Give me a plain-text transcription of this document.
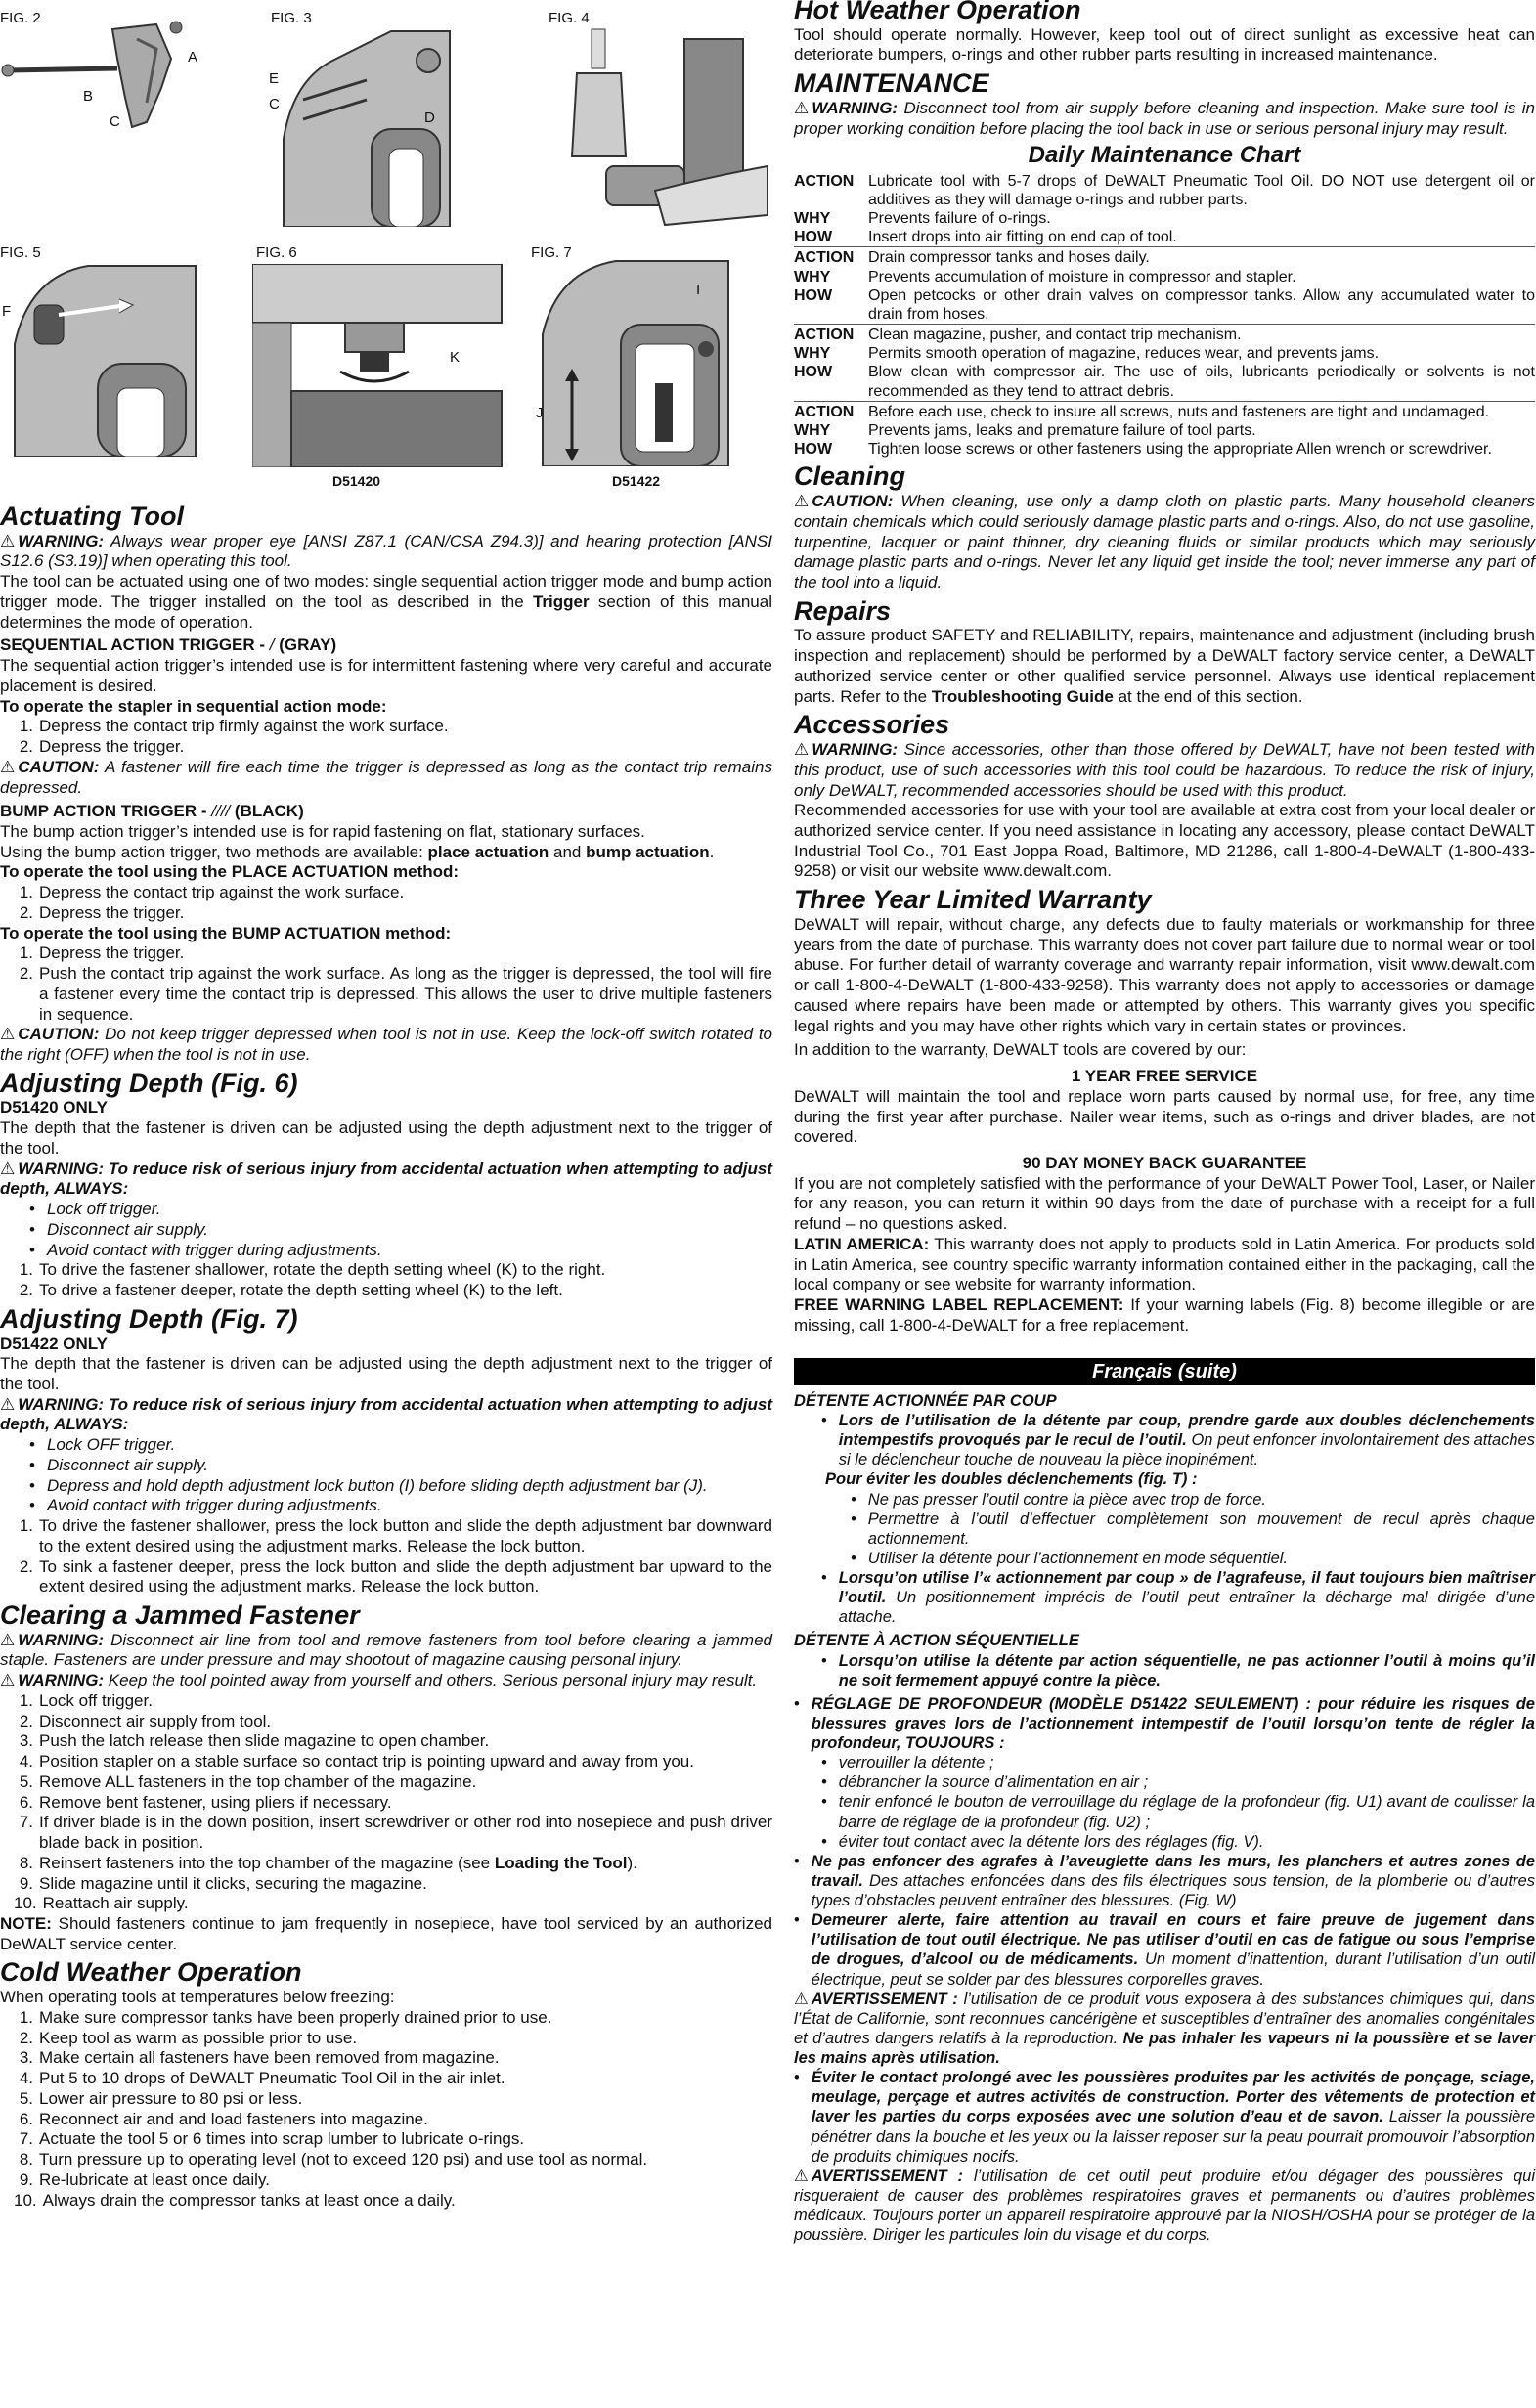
FIG. 2
A
B
C
FIG. 3
E
C
D
FIG. 4
FIG. 5
F
FIG. 6
K
D51420
FIG. 7
I
J
D51422
Actuating Tool

⚠ WARNING: Always wear proper eye [ANSI Z87.1 (CAN/CSA Z94.3)] and hearing protection [ANSI S12.6 (S3.19)] when operating this tool.

The tool can be actuated using one of two modes: single sequential action trigger mode and bump action trigger mode. The trigger installed on the tool as described in the Trigger section of this manual determines the mode of operation.

SEQUENTIAL ACTION TRIGGER - / (GRAY)

The sequential action trigger’s intended use is for intermittent fastening where very careful and accurate placement is desired.

To operate the stapler in sequential action mode:

1. Depress the contact trip firmly against the work surface.
2. Depress the trigger.

⚠ CAUTION: A fastener will fire each time the trigger is depressed as long as the contact trip remains depressed.

BUMP ACTION TRIGGER - //// (BLACK)

The bump action trigger’s intended use is for rapid fastening on flat, stationary surfaces.

Using the bump action trigger, two methods are available: place actuation and bump actuation.

To operate the tool using the PLACE ACTUATION method:

1. Depress the contact trip against the work surface.
2. Depress the trigger.

To operate the tool using the BUMP ACTUATION method:

1. Depress the trigger.
2. Push the contact trip against the work surface. As long as the trigger is depressed, the tool will fire a fastener every time the contact trip is depressed. This allows the user to drive multiple fasteners in sequence.

⚠ CAUTION: Do not keep trigger depressed when tool is not in use. Keep the lock-off switch rotated to the right (OFF) when the tool is not in use.

Adjusting Depth (Fig. 6)

D51420 ONLY

The depth that the fastener is driven can be adjusted using the depth adjustment next to the trigger of the tool.

⚠ WARNING: To reduce risk of serious injury from accidental actuation when attempting to adjust depth, ALWAYS:

• Lock off trigger.
• Disconnect air supply.
• Avoid contact with trigger during adjustments.
1. To drive the fastener shallower, rotate the depth setting wheel (K) to the right.
2. To drive a fastener deeper, rotate the depth setting wheel (K) to the left.
Adjusting Depth (Fig. 7)

D51422 ONLY

The depth that the fastener is driven can be adjusted using the depth adjustment next to the trigger of the tool.

⚠ WARNING: To reduce risk of serious injury from accidental actuation when attempting to adjust depth, ALWAYS:

• Lock OFF trigger.
• Disconnect air supply.
• Depress and hold depth adjustment lock button (I) before sliding depth adjustment bar (J).
• Avoid contact with trigger during adjustments.
1. To drive the fastener shallower, press the lock button and slide the depth adjustment bar downward to the extent desired using the adjustment marks. Release the lock button.
2. To sink a fastener deeper, press the lock button and slide the depth adjustment bar upward to the extent desired using the adjustment marks. Release the lock button.
Clearing a Jammed Fastener

⚠ WARNING: Disconnect air line from tool and remove fasteners from tool before clearing a jammed staple. Fasteners are under pressure and may shootout of magazine causing personal injury.

⚠ WARNING: Keep the tool pointed away from yourself and others. Serious personal injury may result.

1. Lock off trigger.
2. Disconnect air supply from tool.
3. Push the latch release then slide magazine to open chamber.
4. Position stapler on a stable surface so contact trip is pointing upward and away from you.
5. Remove ALL fasteners in the top chamber of the magazine.
6. Remove bent fastener, using pliers if necessary.
7. If driver blade is in the down position, insert screwdriver or other rod into nosepiece and push driver blade back in position.
8. Reinsert fasteners into the top chamber of the magazine (see Loading the Tool).
9. Slide magazine until it clicks, securing the magazine.
10. Reattach air supply.

NOTE: Should fasteners continue to jam frequently in nosepiece, have tool serviced by an authorized DeWALT service center.

Cold Weather Operation

When operating tools at temperatures below freezing:

1. Make sure compressor tanks have been properly drained prior to use.
2. Keep tool as warm as possible prior to use.
3. Make certain all fasteners have been removed from magazine.
4. Put 5 to 10 drops of DeWALT Pneumatic Tool Oil in the air inlet.
5. Lower air pressure to 80 psi or less.
6. Reconnect air and and load fasteners into magazine.
7. Actuate the tool 5 or 6 times into scrap lumber to lubricate o-rings.
8. Turn pressure up to operating level (not to exceed 120 psi) and use tool as normal.
9. Re-lubricate at least once daily.
10. Always drain the compressor tanks at least once a daily.
Hot Weather Operation

Tool should operate normally. However, keep tool out of direct sunlight as excessive heat can deteriorate bumpers, o-rings and other rubber parts resulting in increased maintenance.

MAINTENANCE

⚠ WARNING: Disconnect tool from air supply before cleaning and inspection. Make sure tool is in proper working condition before placing the tool back in use or serious personal injury may result.

Daily Maintenance Chart
ACTION Lubricate tool with 5-7 drops of DeWALT Pneumatic Tool Oil. DO NOT use detergent oil or additives as they will damage o-rings and rubber parts.
WHY	Prevents failure of o-rings.
HOW	Insert drops into air fitting on end cap of tool.
ACTION Drain compressor tanks and hoses daily.
WHY	Prevents accumulation of moisture in compressor and stapler.
HOW	Open petcocks or other drain valves on compressor tanks. Allow any accumulated water to drain from hoses.
ACTION Clean magazine, pusher, and contact trip mechanism.
WHY	Permits smooth operation of magazine, reduces wear, and prevents jams.
HOW	Blow clean with compressor air. The use of oils, lubricants periodically or solvents is not recommended as they tend to attract debris.
ACTION Before each use, check to insure all screws, nuts and fasteners are tight and undamaged.
WHY	Prevents jams, leaks and premature failure of tool parts.
HOW	Tighten loose screws or other fasteners using the appropriate Allen wrench or screwdriver.
Cleaning

⚠ CAUTION: When cleaning, use only a damp cloth on plastic parts. Many household cleaners contain chemicals which could seriously damage plastic parts and o-rings. Also, do not use gasoline, turpentine, lacquer or paint thinner, dry cleaning fluids or similar products which may seriously damage plastic parts and o-rings. Never let any liquid get inside the tool; never immerse any part of the tool into a liquid.

Repairs

To assure product SAFETY and RELIABILITY, repairs, maintenance and adjustment (including brush inspection and replacement) should be performed by a DeWALT factory service center, a DeWALT authorized service center or other qualified service personnel. Always use identical replacement parts. Refer to the Troubleshooting Guide at the end of this section.

Accessories

⚠ WARNING: Since accessories, other than those offered by DeWALT, have not been tested with this product, use of such accessories with this tool could be hazardous. To reduce the risk of injury, only DeWALT, recommended accessories should be used with this product.

Recommended accessories for use with your tool are available at extra cost from your local dealer or authorized service center. If you need assistance in locating any accessory, please contact DeWALT Industrial Tool Co., 701 East Joppa Road, Baltimore, MD 21286, call 1-800-4-DeWALT (1-800-433-9258) or visit our website www.dewalt.com.

Three Year Limited Warranty

DeWALT will repair, without charge, any defects due to faulty materials or workmanship for three years from the date of purchase. This warranty does not cover part failure due to normal wear or tool abuse. For further detail of warranty coverage and warranty repair information, visit www.dewalt.com or call 1-800-4-DeWALT (1-800-433-9258). This warranty does not apply to accessories or damage caused where repairs have been made or attempted by others. This warranty gives you specific legal rights and you may have other rights which vary in certain states or provinces.

In addition to the warranty, DeWALT tools are covered by our:

1 YEAR FREE SERVICE

DeWALT will maintain the tool and replace worn parts caused by normal use, for free, any time during the first year after purchase. Nailer wear items, such as o-rings and driver blades, are not covered.

90 DAY MONEY BACK GUARANTEE

If you are not completely satisfied with the performance of your DeWALT Power Tool, Laser, or Nailer for any reason, you can return it within 90 days from the date of purchase with a receipt for a full refund – no questions asked.

LATIN AMERICA: This warranty does not apply to products sold in Latin America. For products sold in Latin America, see country specific warranty information contained either in the packaging, call the local company or see website for warranty information.

FREE WARNING LABEL REPLACEMENT: If your warning labels (Fig. 8) become illegible or are missing, call 1-800-4-DeWALT for a free replacement.

Français (suite)

DÉTENTE ACTIONNÉE PAR COUP

• Lors de l’utilisation de la détente par coup, prendre garde aux doubles déclenchements intempestifs provoqués par le recul de l’outil. On peut enfoncer involontairement des attaches si le déclencheur touche de nouveau la pièce inopinément.

Pour éviter les doubles déclenchements (fig. T) :

• Ne pas presser l’outil contre la pièce avec trop de force.
• Permettre à l’outil d’effectuer complètement son mouvement de recul après chaque actionnement.
• Utiliser la détente pour l’actionnement en mode séquentiel.
• Lorsqu’on utilise l’« actionnement par coup » de l’agrafeuse, il faut toujours bien maîtriser l’outil. Un positionnement imprécis de l’outil peut entraîner la décharge mal dirigée d’une attache.

DÉTENTE À ACTION SÉQUENTIELLE

• Lorsqu’on utilise la détente par action séquentielle, ne pas actionner l’outil à moins qu’il ne soit fermement appuyé contre la pièce.
• RÉGLAGE DE PROFONDEUR (MODÈLE D51422 SEULEMENT) : pour réduire les risques de blessures graves lors de l’actionnement intempestif de l’outil lorsqu’on tente de régler la profondeur, TOUJOURS :
• verrouiller la détente ;
• débrancher la source d’alimentation en air ;
• tenir enfoncé le bouton de verrouillage du réglage de la profondeur (fig. U1) avant de coulisser la barre de réglage de la profondeur (fig. U2) ;
• éviter tout contact avec la détente lors des réglages (fig. V).
• Ne pas enfoncer des agrafes à l’aveuglette dans les murs, les planchers et autres zones de travail. Des attaches enfoncées dans des fils électriques sous tension, de la plomberie ou d’autres types d’obstacles peuvent entraîner des blessures. (Fig. W)
• Demeurer alerte, faire attention au travail en cours et faire preuve de jugement dans l’utilisation de tout outil électrique. Ne pas utiliser d’outil en cas de fatigue ou sous l’emprise de drogues, d’alcool ou de médicaments. Un moment d’inattention, durant l’utilisation d’un outil électrique, peut se solder par des blessures corporelles graves.

⚠ AVERTISSEMENT : l’utilisation de ce produit vous exposera à des substances chimiques qui, dans l’État de Californie, sont reconnues cancérigène et susceptibles d’entraîner des anomalies congénitales et d’autres dangers relatifs à la reproduction. Ne pas inhaler les vapeurs ni la poussière et se laver les mains après utilisation.

• Éviter le contact prolongé avec les poussières produites par les activités de ponçage, sciage, meulage, perçage et autres activités de construction. Porter des vêtements de protection et laver les parties du corps exposées avec une solution d’eau et de savon. Laisser la poussière pénétrer dans la bouche et les yeux ou la laisser reposer sur la peau pourrait promouvoir l’absorption de produits chimiques nocifs.

⚠ AVERTISSEMENT : l’utilisation de cet outil peut produire et/ou dégager des poussières qui risqueraient de causer des problèmes respiratoires graves et permanents ou d’autres problèmes médicaux. Toujours porter un appareil respiratoire approuvé par la NIOSH/OSHA pour se protéger de la poussière. Diriger les particules loin du visage et du corps.
